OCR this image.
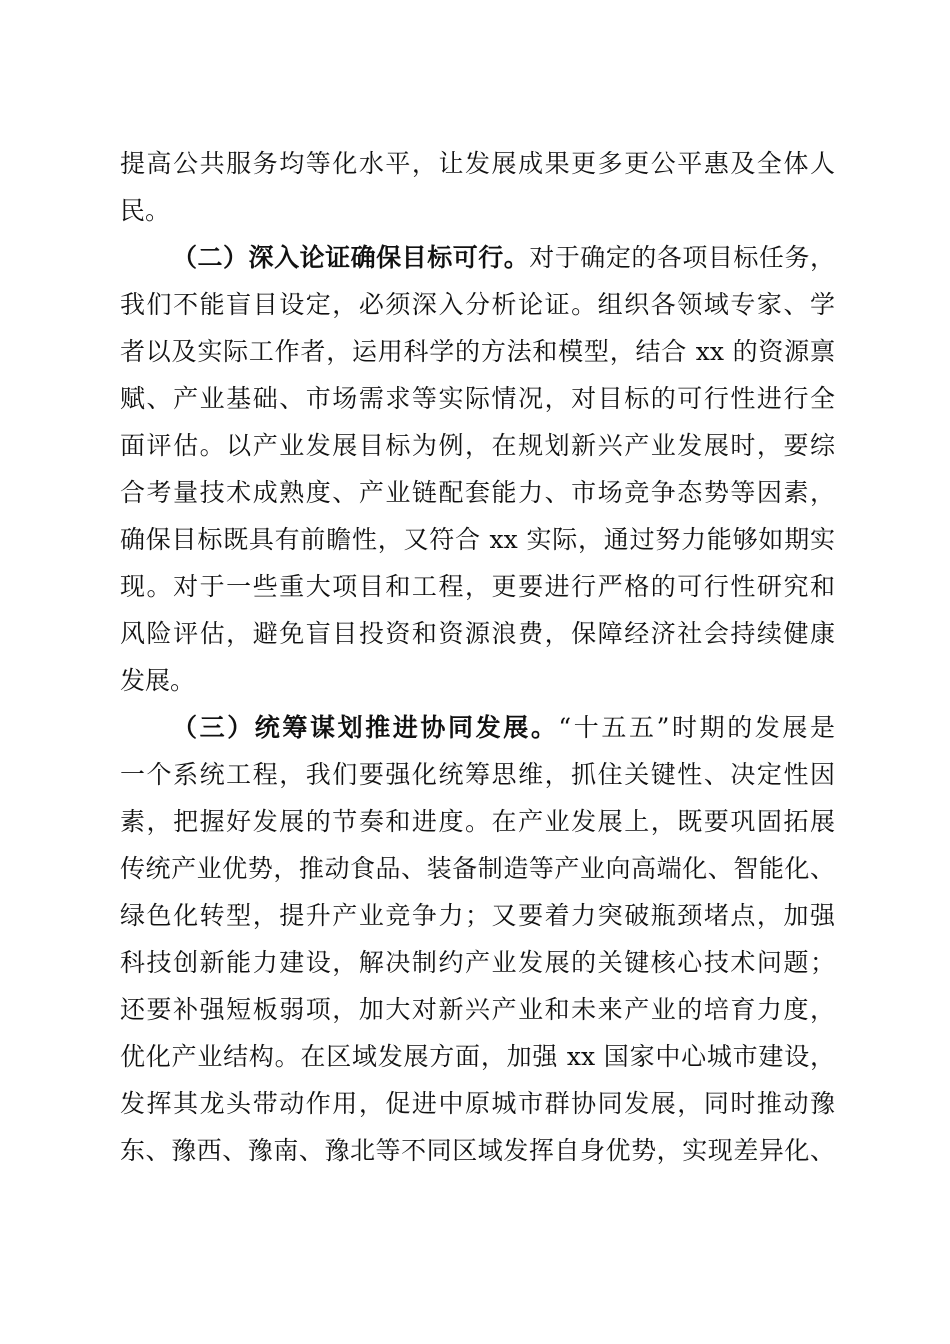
提高公共服务均等化水平，让发展成果更多更公平惠及全体人
民。
（二）深入论证确保目标可行。对于确定的各项目标任务，
我们不能盲目设定，必须深入分析论证。组织各领域专家、学
者以及实际工作者，运用科学的方法和模型，结合 xx 的资源禀
赋、产业基础、市场需求等实际情况，对目标的可行性进行全
面评估。以产业发展目标为例，在规划新兴产业发展时，要综
合考量技术成熟度、产业链配套能力、市场竞争态势等因素，
确保目标既具有前瞻性，又符合 xx 实际，通过努力能够如期实
现。对于一些重大项目和工程，更要进行严格的可行性研究和
风险评估，避免盲目投资和资源浪费，保障经济社会持续健康
发展。
（三）统筹谋划推进协同发展。“十五五”时期的发展是
一个系统工程，我们要强化统筹思维，抓住关键性、决定性因
素，把握好发展的节奏和进度。在产业发展上，既要巩固拓展
传统产业优势，推动食品、装备制造等产业向高端化、智能化、
绿色化转型，提升产业竞争力；又要着力突破瓶颈堵点，加强
科技创新能力建设，解决制约产业发展的关键核心技术问题；
还要补强短板弱项，加大对新兴产业和未来产业的培育力度，
优化产业结构。在区域发展方面，加强 xx 国家中心城市建设，
发挥其龙头带动作用，促进中原城市群协同发展，同时推动豫
东、豫西、豫南、豫北等不同区域发挥自身优势，实现差异化、
